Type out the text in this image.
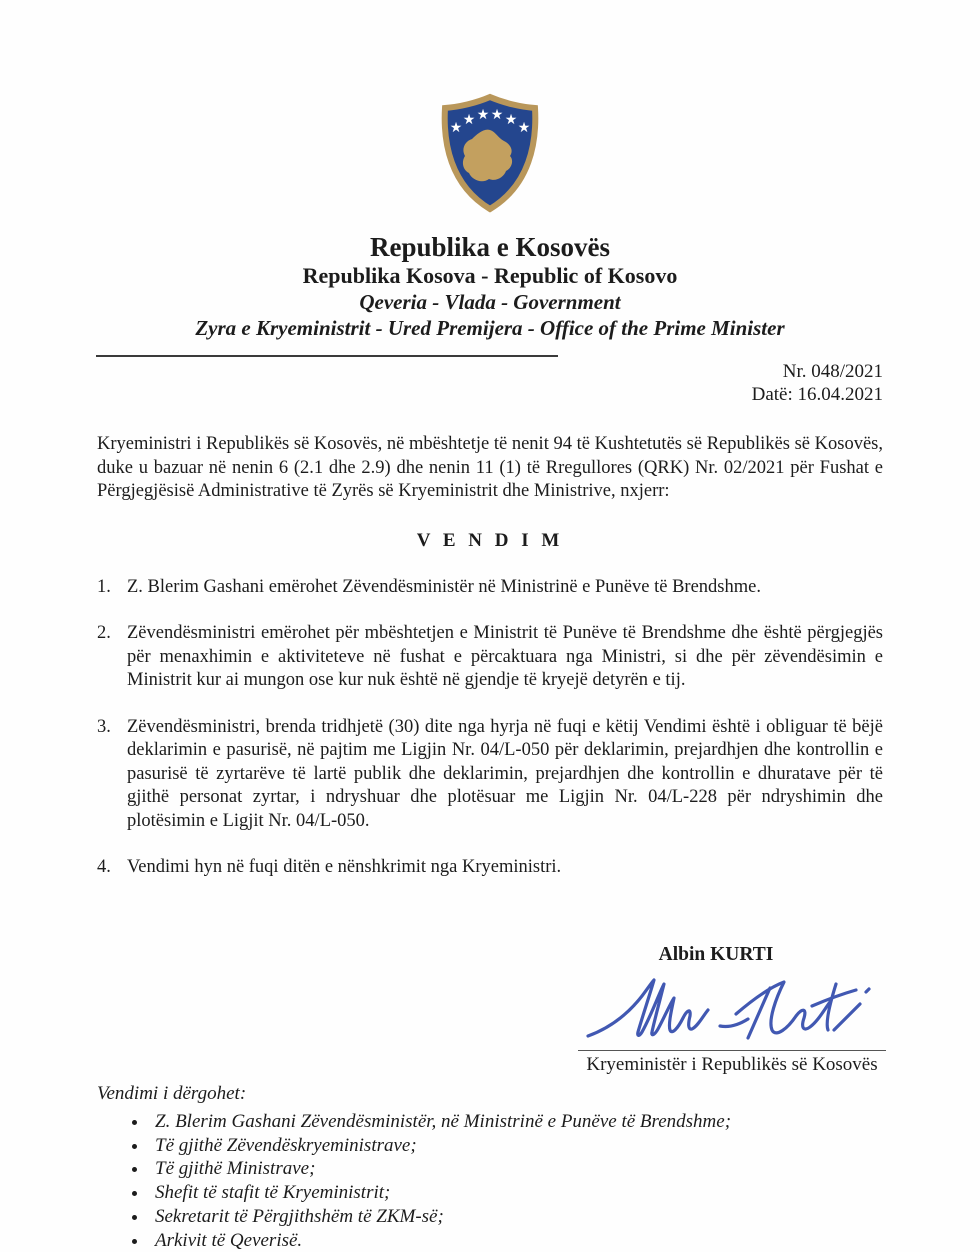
★ ★ ★ ★ ★ ★
Republika e Kosovës
Republika Kosova - Republic of Kosovo
Qeveria - Vlada - Government
Zyra e Kryeministrit - Ured Premijera - Office of the Prime Minister
Nr. 048/2021
Datë: 16.04.2021
Kryeministri i Republikës së Kosovës, në mbështetje të nenit 94 të Kushtetutës së Republikës së Kosovës, duke u bazuar në nenin 6 (2.1 dhe 2.9) dhe nenin 11 (1) të Rregullores (QRK) Nr. 02/2021 për Fushat e Përgjegjësisë Administrative të Zyrës së Kryeministrit dhe Ministrive, nxjerr:
V E N D I M
1. Z. Blerim Gashani emërohet Zëvendësministër në Ministrinë e Punëve të Brendshme.
2. Zëvendësministri emërohet për mbështetjen e Ministrit të Punëve të Brendshme dhe është përgjegjës për menaxhimin e aktiviteteve në fushat e përcaktuara nga Ministri, si dhe për zëvendësimin e Ministrit kur ai mungon ose kur nuk është në gjendje të kryejë detyrën e tij.
3. Zëvendësministri, brenda tridhjetë (30) dite nga hyrja në fuqi e këtij Vendimi është i obliguar të bëjë deklarimin e pasurisë, në pajtim me Ligjin Nr. 04/L-050 për deklarimin, prejardhjen dhe kontrollin e pasurisë të zyrtarëve të lartë publik dhe deklarimin, prejardhjen dhe kontrollin e dhuratave për të gjithë personat zyrtar, i ndryshuar dhe plotësuar me Ligjin Nr. 04/L-228 për ndryshimin dhe plotësimin e Ligjit Nr. 04/L-050.
4. Vendimi hyn në fuqi ditën e nënshkrimit nga Kryeministri.
Albin KURTI
Kryeministër i Republikës së Kosovës
Vendimi i dërgohet:
• Z. Blerim Gashani Zëvendësministër, në Ministrinë e Punëve të Brendshme;
• Të gjithë Zëvendëskryeministrave;
• Të gjithë Ministrave;
• Shefit të stafit të Kryeministrit;
• Sekretarit të Përgjithshëm të ZKM-së;
• Arkivit të Qeverisë.
